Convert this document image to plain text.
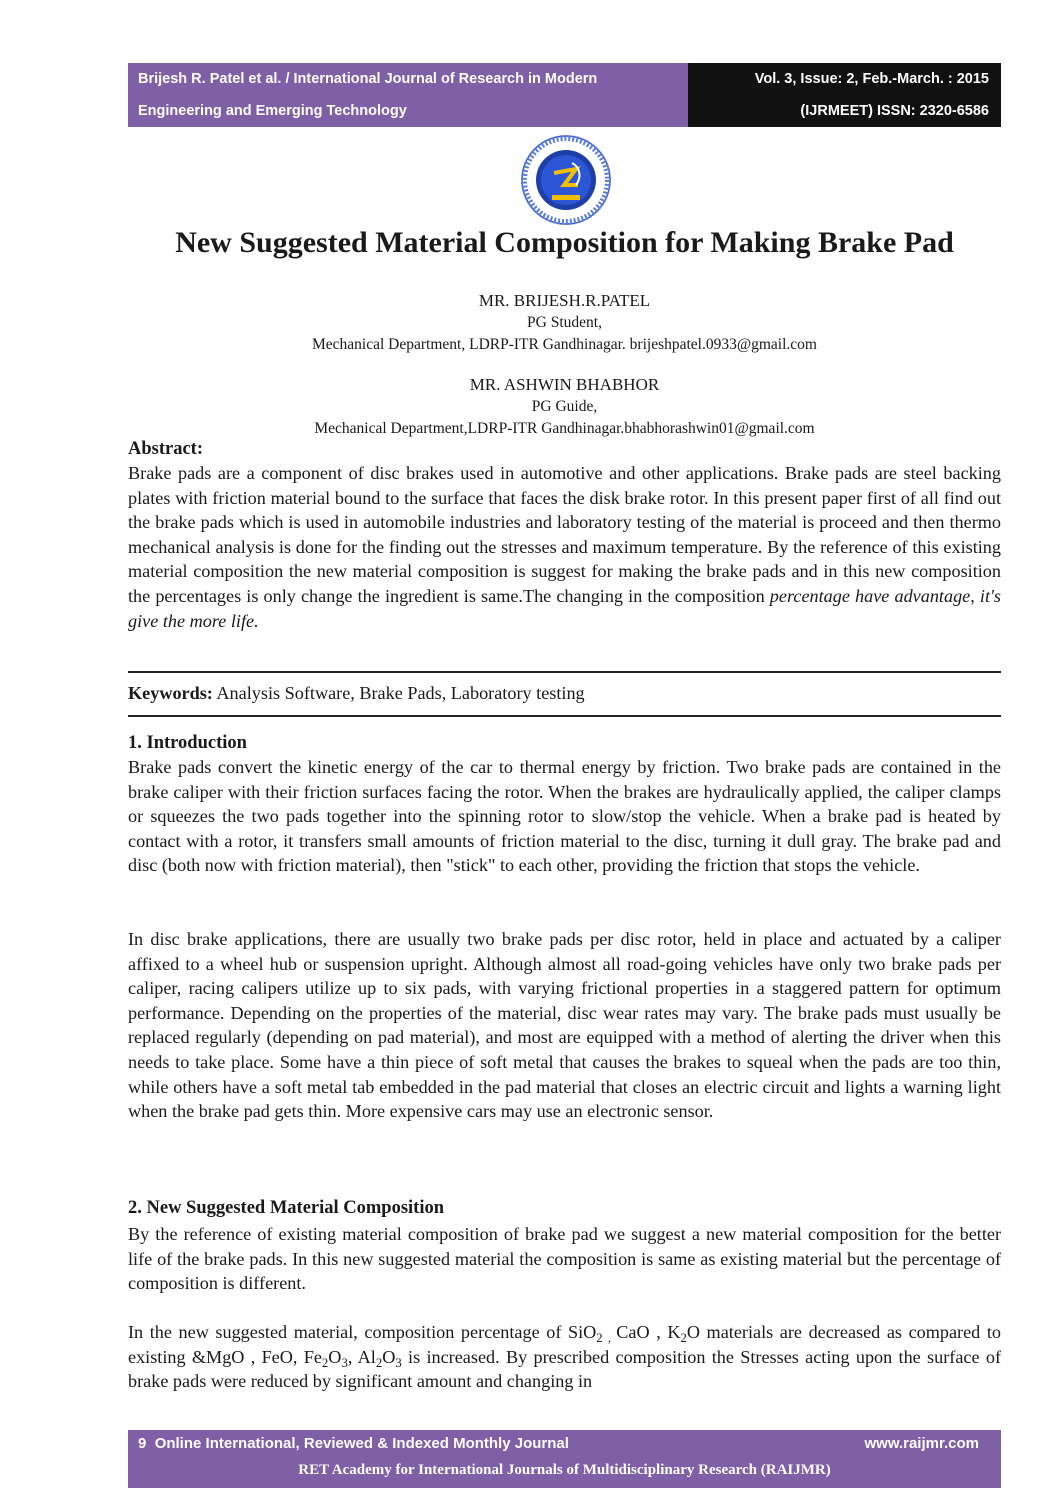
Brijesh R. Patel et al. / International Journal of Research in Modern
Engineering and Emerging Technology
Vol. 3, Issue: 2, Feb.-March. : 2015
(IJRMEET) ISSN: 2320-6586
New Suggested Material Composition for Making Brake Pad
MR. BRIJESH.R.PATEL
PG Student,
Mechanical Department, LDRP-ITR Gandhinagar. brijeshpatel.0933@gmail.com
MR. ASHWIN BHABHOR
PG Guide,
Mechanical Department,LDRP-ITR Gandhinagar.bhabhorashwin01@gmail.com
Abstract:
Brake pads are a component of disc brakes used in automotive and other applications. Brake pads are steel backing plates with friction material bound to the surface that faces the disk brake rotor. In this present paper first of all find out the brake pads which is used in automobile industries and laboratory testing of the material is proceed and then thermo mechanical analysis is done for the finding out the stresses and maximum temperature. By the reference of this existing material composition the new material composition is suggest for making the brake pads and in this new composition the percentages is only change the ingredient is same.The changing in the composition percentage have advantage, it's give the more life.
Keywords: Analysis Software, Brake Pads, Laboratory testing
1. Introduction
Brake pads convert the kinetic energy of the car to thermal energy by friction. Two brake pads are contained in the brake caliper with their friction surfaces facing the rotor. When the brakes are hydraulically applied, the caliper clamps or squeezes the two pads together into the spinning rotor to slow/stop the vehicle. When a brake pad is heated by contact with a rotor, it transfers small amounts of friction material to the disc, turning it dull gray. The brake pad and disc (both now with friction material), then "stick" to each other, providing the friction that stops the vehicle.
In disc brake applications, there are usually two brake pads per disc rotor, held in place and actuated by a caliper affixed to a wheel hub or suspension upright. Although almost all road-going vehicles have only two brake pads per caliper, racing calipers utilize up to six pads, with varying frictional properties in a staggered pattern for optimum performance. Depending on the properties of the material, disc wear rates may vary. The brake pads must usually be replaced regularly (depending on pad material), and most are equipped with a method of alerting the driver when this needs to take place. Some have a thin piece of soft metal that causes the brakes to squeal when the pads are too thin, while others have a soft metal tab embedded in the pad material that closes an electric circuit and lights a warning light when the brake pad gets thin. More expensive cars may use an electronic sensor.
2. New Suggested Material Composition
By the reference of existing material composition of brake pad we suggest a new material composition for the better life of the brake pads. In this new suggested material the composition is same as existing material but the percentage of composition is different.
In the new suggested material, composition percentage of SiO$_{2 ,}$ CaO , $K_2O$ materials are decreased as compared to existing &MgO , FeO, $Fe_2O_3$, $Al_2O_3$ is increased. By prescribed composition the Stresses acting upon the surface of brake pads were reduced by significant amount and changing in
9 Online International, Reviewed & Indexed Monthly Journal	www.raijmr.com
RET Academy for International Journals of Multidisciplinary Research (RAIJMR)
